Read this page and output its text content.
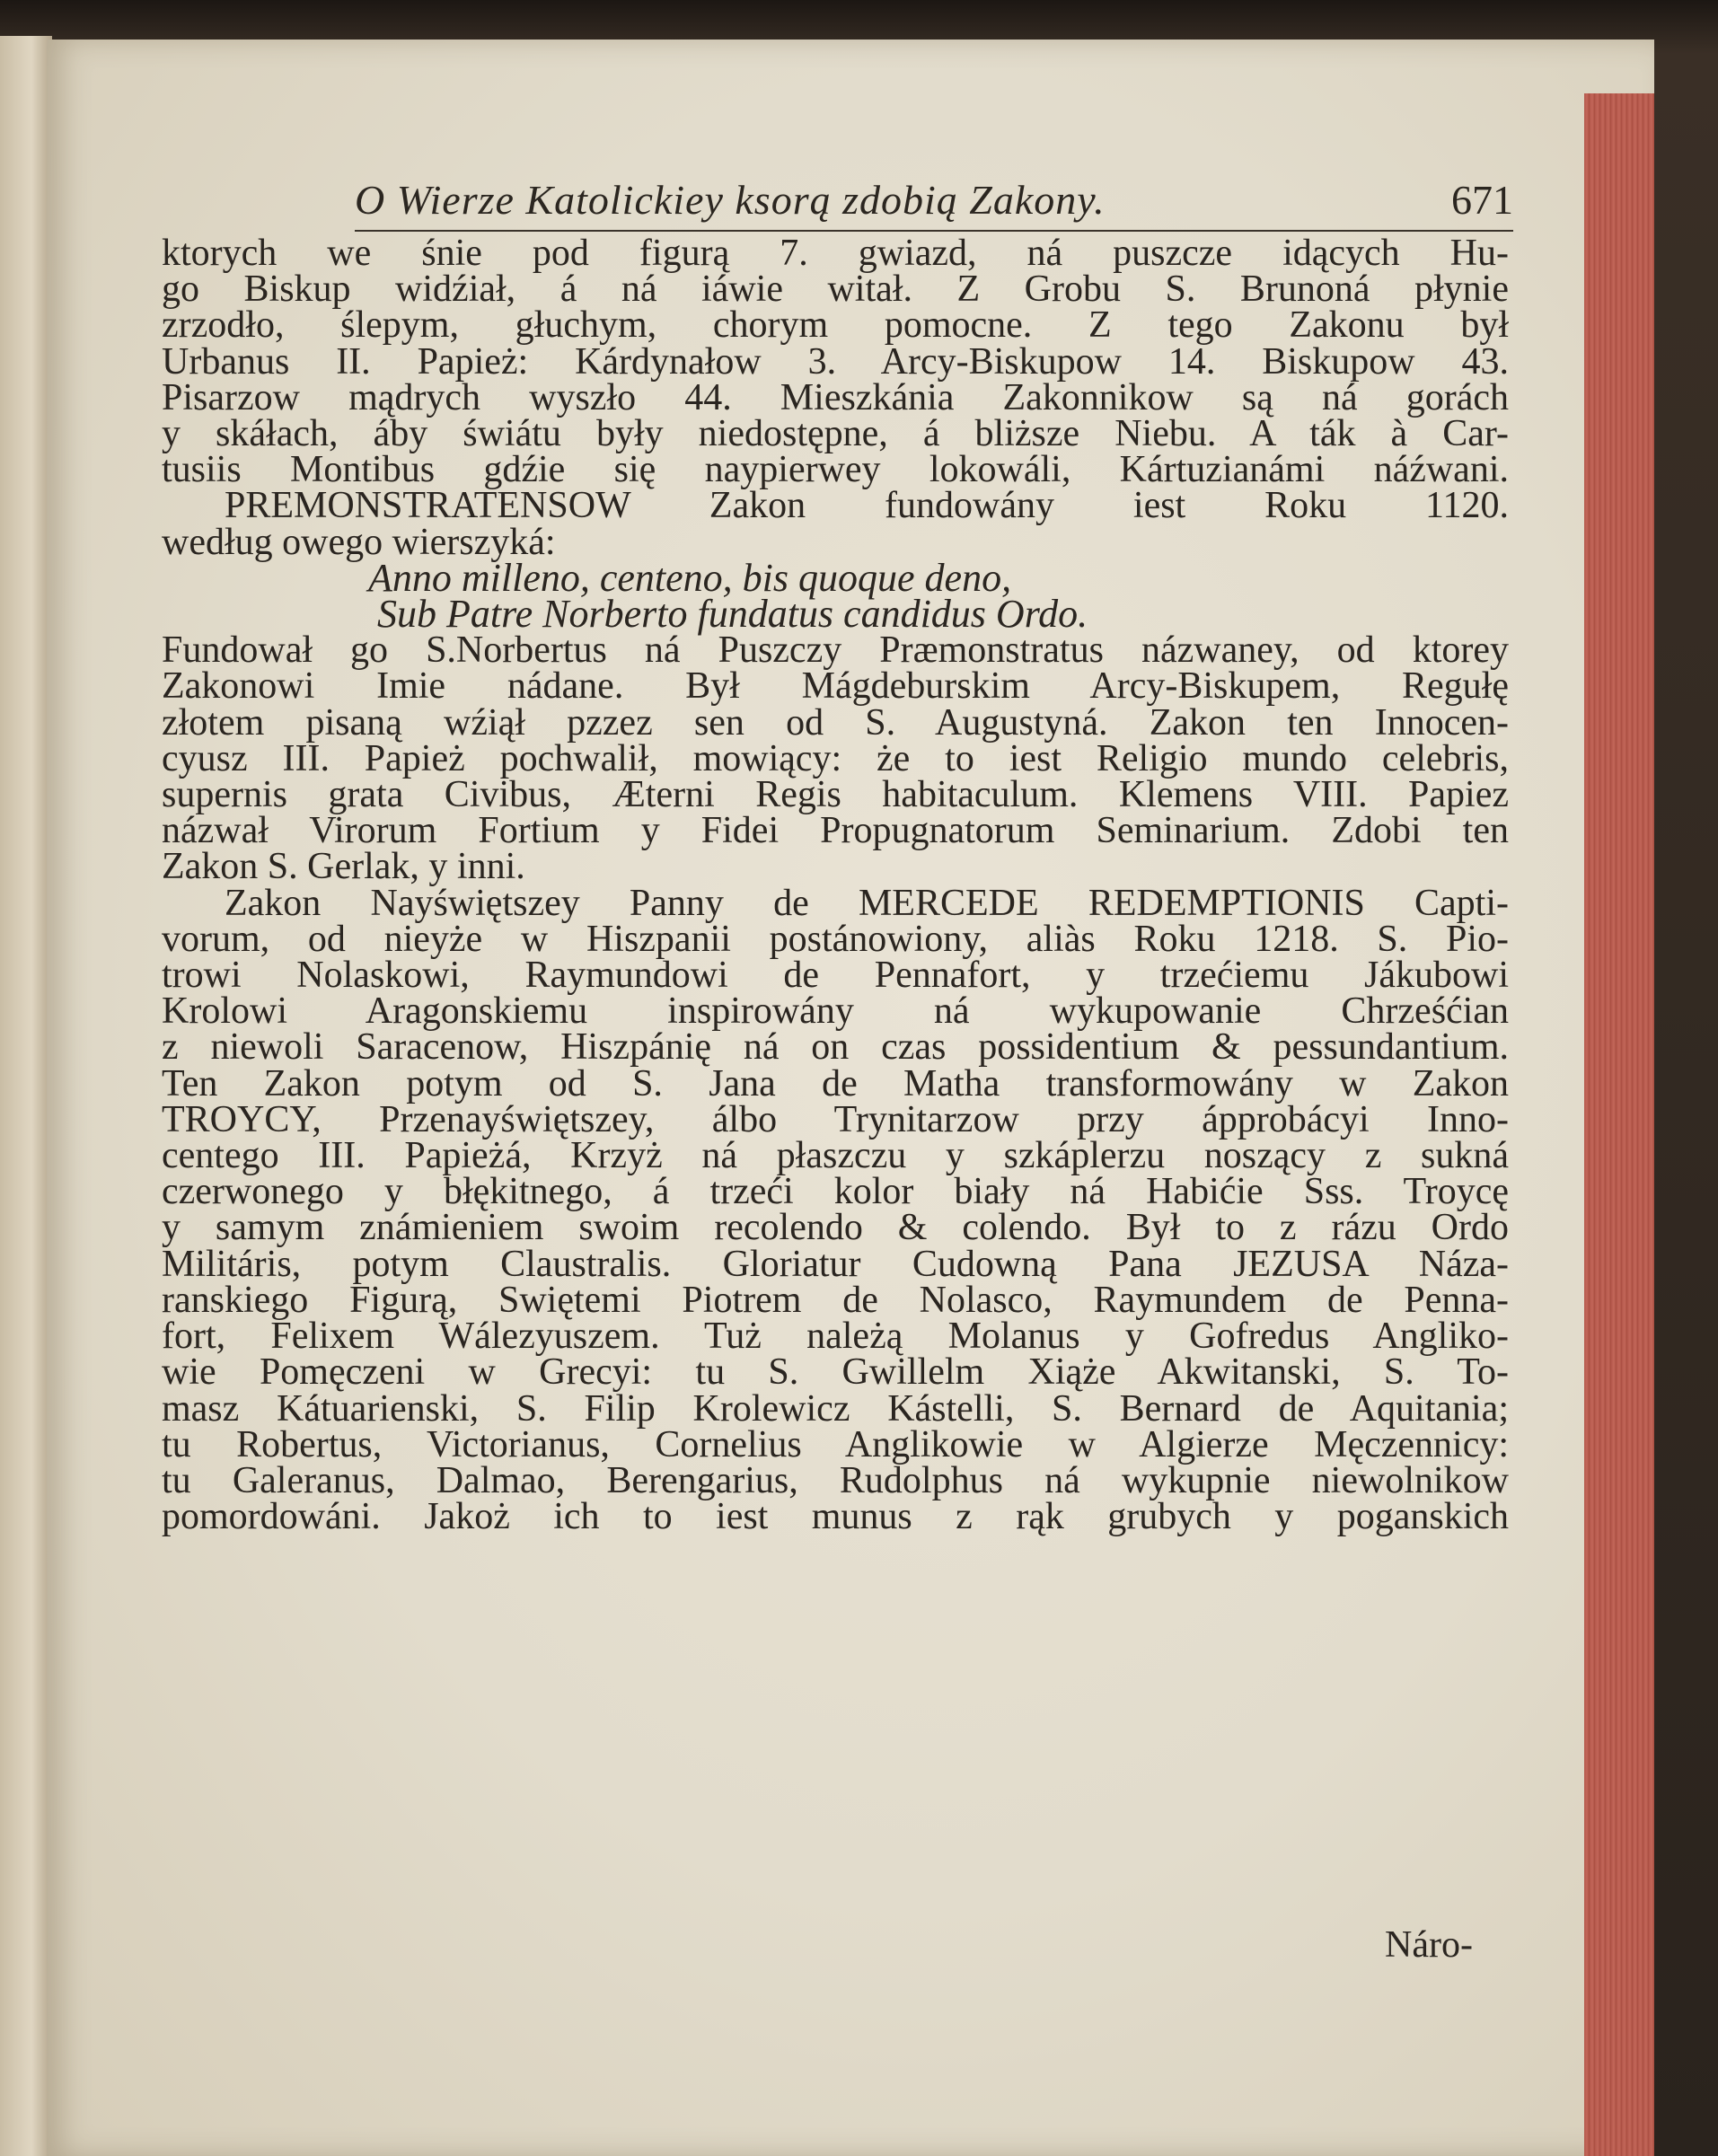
O Wierze Katolickiey ksorą zdobią Zakony.	671
ktorych we śnie pod figurą 7. gwiazd, ná puszcze idących Hu-
go Biskup widźiał, á ná iáwie witał. Z Grobu S. Brunoná płynie
zrzodło, ślepym, głuchym, chorym pomocne. Z tego Zakonu był
Urbanus II. Papież: Kárdynałow 3. Arcy-Biskupow 14. Biskupow 43.
Pisarzow mądrych wyszło 44. Mieszkánia Zakonnikow są ná gorách
y skáłach, áby świátu były niedostępne, á bliższe Niebu. A ták à Car-
tusiis Montibus gdźie się naypierwey lokowáli, Kártuzianámi náźwani.
PREMONSTRATENSOW Zakon fundowány iest Roku 1120.
według owego wierszyká:
Anno milleno, centeno, bis quoque deno,
Sub Patre Norberto fundatus candidus Ordo.
Fundował go S.Norbertus ná Puszczy Præmonstratus názwaney, od ktorey
Zakonowi Imie nádane. Był Mágdeburskim Arcy-Biskupem, Regułę
złotem pisaną wźiął pzzez sen od S. Augustyná. Zakon ten Innocen-
cyusz III. Papież pochwalił, mowiący: że to iest Religio mundo celebris,
supernis grata Civibus, Æterni Regis habitaculum. Klemens VIII. Papiez
názwał Virorum Fortium y Fidei Propugnatorum Seminarium. Zdobi ten
Zakon S. Gerlak, y inni.
Zakon Nayświętszey Panny de MERCEDE REDEMPTIONIS Capti-
vorum, od nieyże w Hiszpanii postánowiony, aliàs Roku 1218. S. Pio-
trowi Nolaskowi, Raymundowi de Pennafort, y trzećiemu Jákubowi
Krolowi Aragonskiemu inspirowány ná wykupowanie Chrześćian
z niewoli Saracenow, Hiszpánię ná on czas possidentium & pessundantium.
Ten Zakon potym od S. Jana de Matha transformowány w Zakon
TROYCY, Przenayświętszey, álbo Trynitarzow przy ápprobácyi Inno-
centego III. Papieżá, Krzyż ná płaszczu y szkáplerzu noszący z sukná
czerwonego y błękitnego, á trzeći kolor biały ná Habićie Sss. Troycę
y samym známieniem swoim recolendo & colendo. Był to z rázu Ordo
Militáris, potym Claustralis. Gloriatur Cudowną Pana JEZUSA Náza-
ranskiego Figurą, Swiętemi Piotrem de Nolasco, Raymundem de Penna-
fort, Felixem Wálezyuszem. Tuż należą Molanus y Gofredus Angliko-
wie Pomęczeni w Grecyi: tu S. Gwillelm Xiąże Akwitanski, S. To-
masz Kátuarienski, S. Filip Krolewicz Kástelli, S. Bernard de Aquitania;
tu Robertus, Victorianus, Cornelius Anglikowie w Algierze Męczennicy:
tu Galeranus, Dalmao, Berengarius, Rudolphus ná wykupnie niewolnikow
pomordowáni. Jakoż ich to iest munus z rąk grubych y poganskich
Náro-
